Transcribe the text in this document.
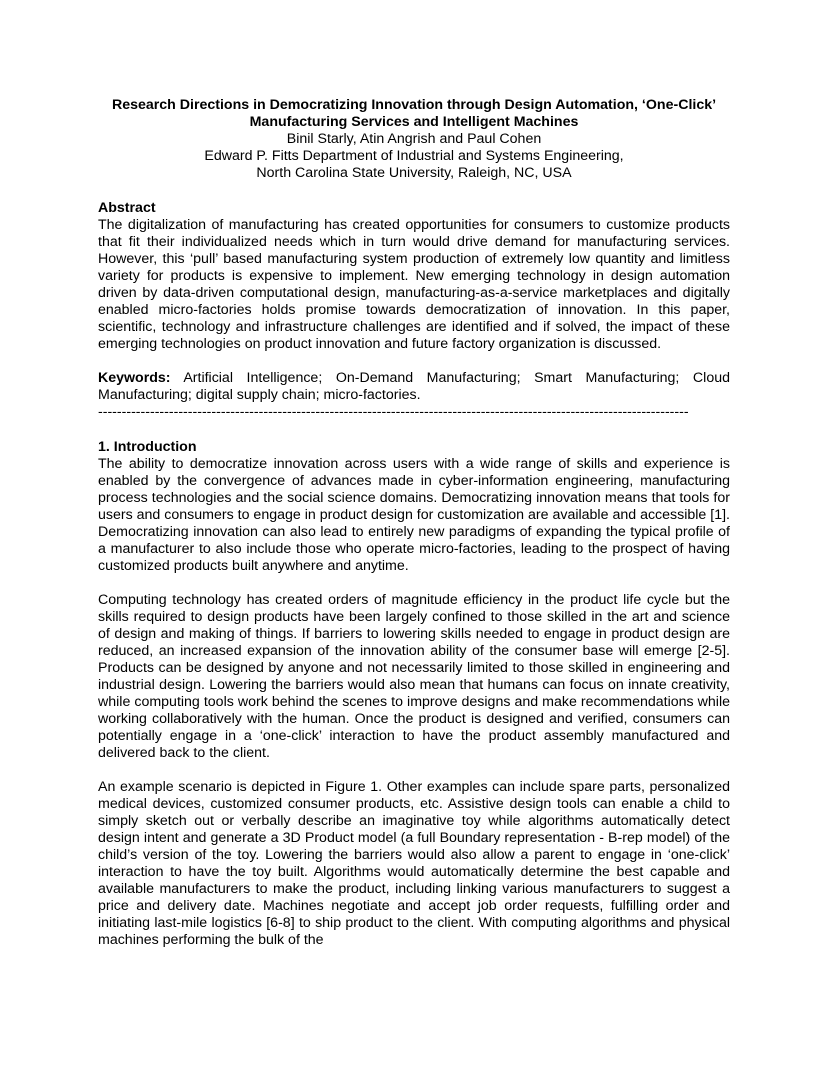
Research Directions in Democratizing Innovation through Design Automation, ‘One-Click’ Manufacturing Services and Intelligent Machines

Binil Starly, Atin Angrish and Paul Cohen

Edward P. Fitts Department of Industrial and Systems Engineering,

North Carolina State University, Raleigh, NC, USA

Abstract

The digitalization of manufacturing has created opportunities for consumers to customize products that fit their individualized needs which in turn would drive demand for manufacturing services. However, this ‘pull’ based manufacturing system production of extremely low quantity and limitless variety for products is expensive to implement. New emerging technology in design automation driven by data-driven computational design, manufacturing-as-a-service marketplaces and digitally enabled micro-factories holds promise towards democratization of innovation. In this paper, scientific, technology and infrastructure challenges are identified and if solved, the impact of these emerging technologies on product innovation and future factory organization is discussed.

Keywords: Artificial Intelligence; On-Demand Manufacturing; Smart Manufacturing; Cloud Manufacturing; digital supply chain; micro-factories.

-----------------------------------------------------------------------------------------------------------------------------

1. Introduction

The ability to democratize innovation across users with a wide range of skills and experience is enabled by the convergence of advances made in cyber-information engineering, manufacturing process technologies and the social science domains. Democratizing innovation means that tools for users and consumers to engage in product design for customization are available and accessible [1]. Democratizing innovation can also lead to entirely new paradigms of expanding the typical profile of a manufacturer to also include those who operate micro-factories, leading to the prospect of having customized products built anywhere and anytime.

Computing technology has created orders of magnitude efficiency in the product life cycle but the skills required to design products have been largely confined to those skilled in the art and science of design and making of things. If barriers to lowering skills needed to engage in product design are reduced, an increased expansion of the innovation ability of the consumer base will emerge [2-5]. Products can be designed by anyone and not necessarily limited to those skilled in engineering and industrial design. Lowering the barriers would also mean that humans can focus on innate creativity, while computing tools work behind the scenes to improve designs and make recommendations while working collaboratively with the human. Once the product is designed and verified, consumers can potentially engage in a ‘one-click’ interaction to have the product assembly manufactured and delivered back to the client.

An example scenario is depicted in Figure 1. Other examples can include spare parts, personalized medical devices, customized consumer products, etc. Assistive design tools can enable a child to simply sketch out or verbally describe an imaginative toy while algorithms automatically detect design intent and generate a 3D Product model (a full Boundary representation - B-rep model) of the child’s version of the toy. Lowering the barriers would also allow a parent to engage in ‘one-click’ interaction to have the toy built. Algorithms would automatically determine the best capable and available manufacturers to make the product, including linking various manufacturers to suggest a price and delivery date. Machines negotiate and accept job order requests, fulfilling order and initiating last-mile logistics [6-8] to ship product to the client. With computing algorithms and physical machines performing the bulk of the
